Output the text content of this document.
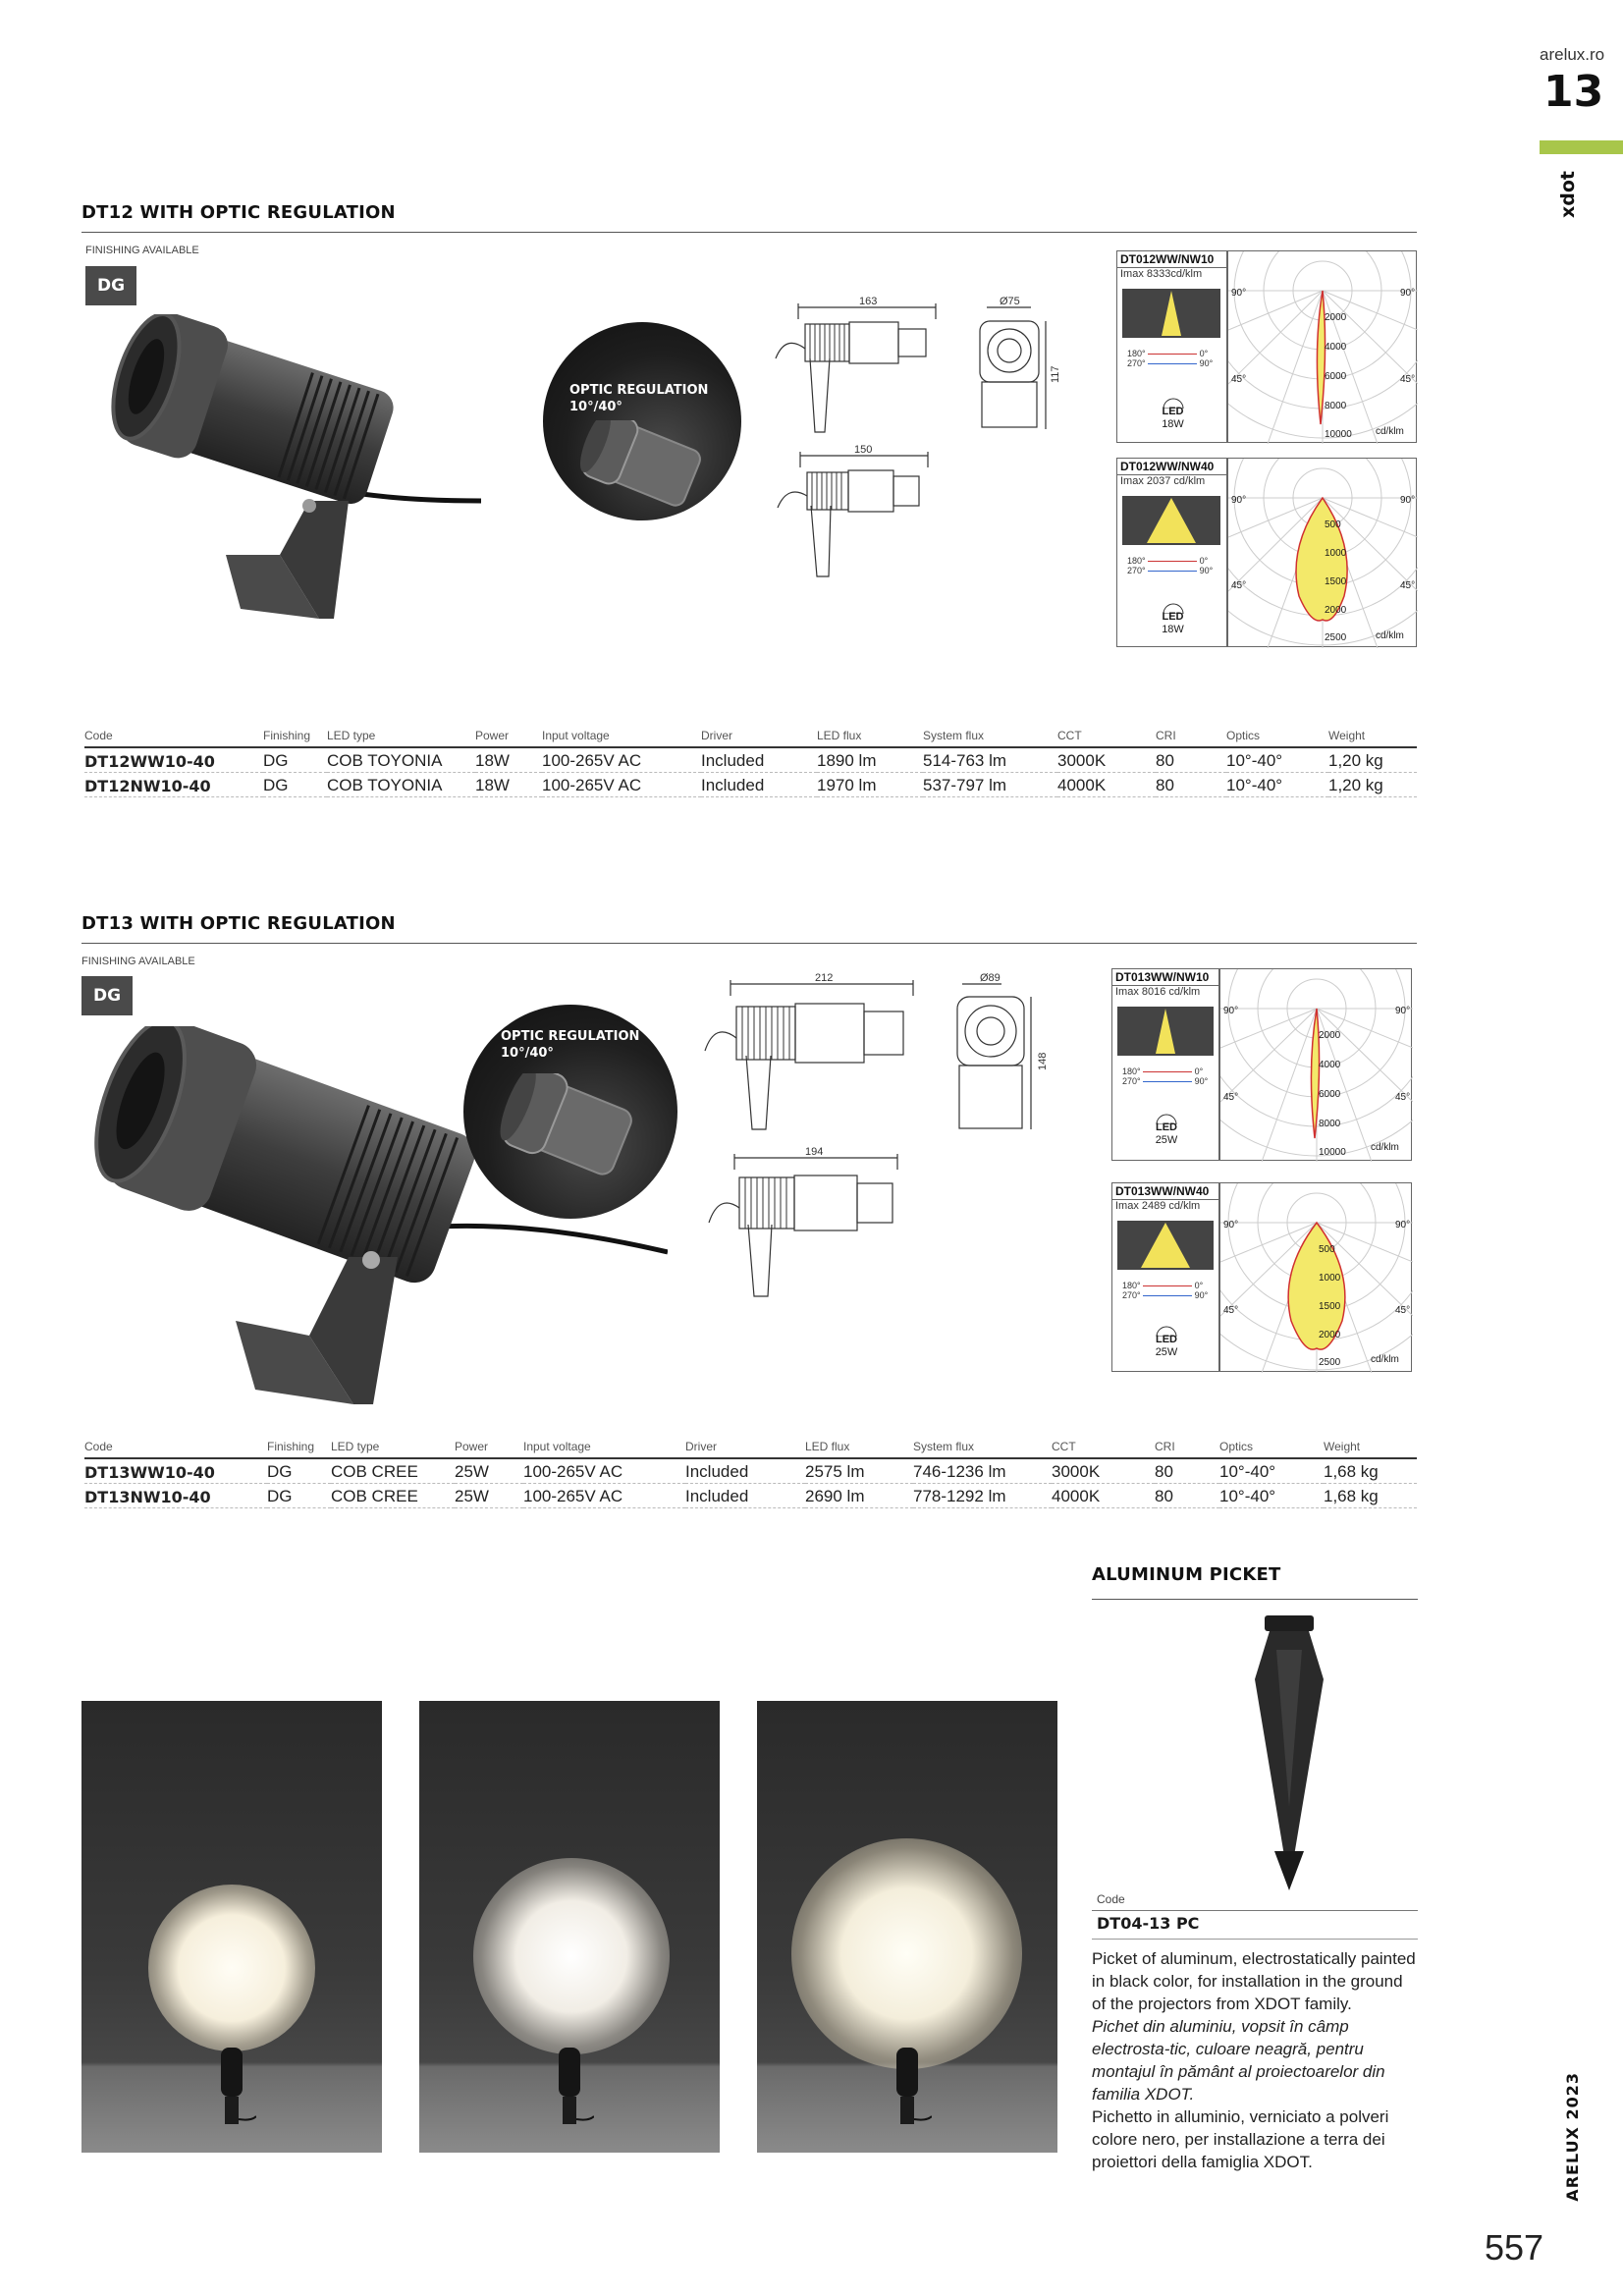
arelux.ro
13
xdot
DT12 WITH OPTIC REGULATION
FINISHING AVAILABLE
DG
OPTIC REGULATION
10°/40°
163	Ø75
117
150
DT012WW/NW10
Imax 8333cd/klm
180°	0°
270°	90°
LED
18W
90°	90°
45°	45°
2000
4000
6000
8000
10000 cd/klm
DT012WW/NW40
Imax 2037 cd/klm
180°	0°
270°	90°
LED
18W
90°	90°
45°	45°
500
1000
1500
2000
2500	cd/klm
Code	Finishing	LED type	Power	Input voltage	Driver	LED flux	System flux	CCT	CRI	Optics	Weight
DT12WW10-40	DG	COB TOYONIA	18W	100-265V AC	Included	1890 lm	514-763 lm	3000K	80	10°-40°	1,20 kg
DT12NW10-40	DG	COB TOYONIA	18W	100-265V AC	Included	1970 lm	537-797 lm	4000K	80	10°-40°	1,20 kg
DT13 WITH OPTIC REGULATION
FINISHING AVAILABLE
DG
OPTIC REGULATION
10°/40°
212	Ø89
148
194
DT013WW/NW10
Imax 8016 cd/klm
180°	0°
270°	90°
LED
25W
90°	90°
45°	45°
2000
4000
6000
8000
10000	cd/klm
DT013WW/NW40
Imax 2489 cd/klm
180°	0°
270°	90°
LED
25W
90°	90°
45°	45°
500
1000
1500
2000
2500	cd/klm
Code	Finishing	LED type	Power	Input voltage	Driver	LED flux	System flux	CCT	CRI	Optics	Weight
DT13WW10-40	DG	COB CREE	25W	100-265V AC	Included	2575 lm	746-1236 lm	3000K	80	10°-40°	1,68 kg
DT13NW10-40	DG	COB CREE	25W	100-265V AC	Included	2690 lm	778-1292 lm	4000K	80	10°-40°	1,68 kg
ALUMINUM PICKET
Code
DT04-13 PC
Picket of aluminum, electrostatically painted in black color, for installation in the ground of the projectors from XDOT family.
Pichet din aluminiu, vopsit în câmp electrosta-tic, culoare neagră, pentru montajul în pământ al proiectoarelor din familia XDOT.
Pichetto in alluminio, verniciato a polveri colore nero, per installazione a terra dei proiettori della famiglia XDOT.	ARELUX 2023
557
